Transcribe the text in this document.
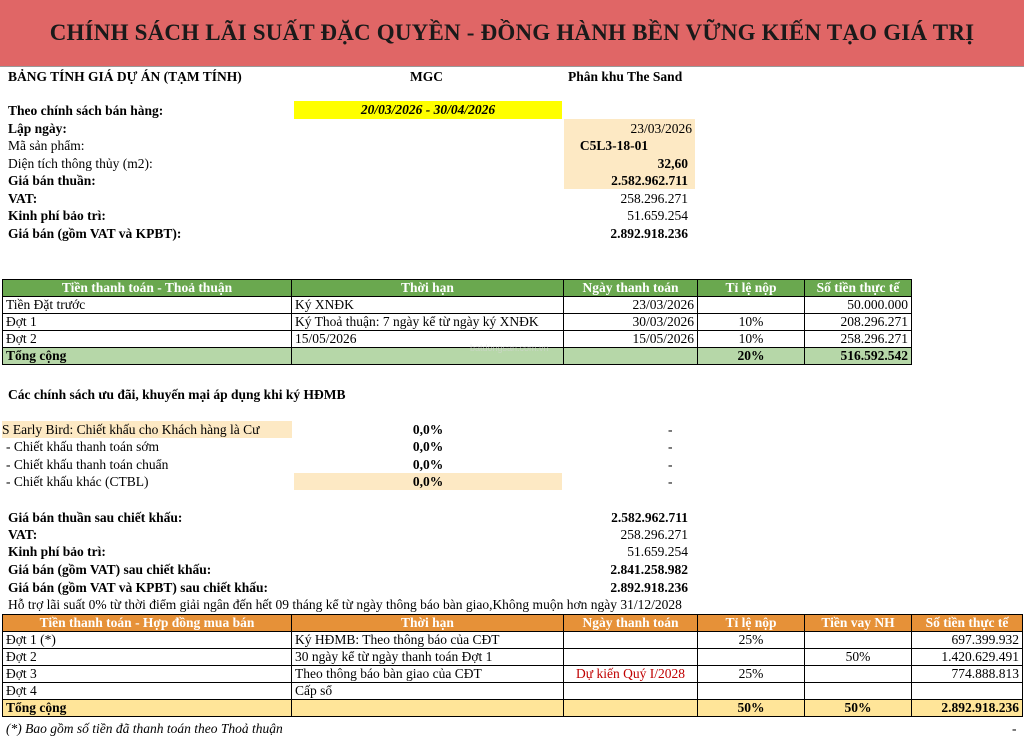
CHÍNH SÁCH LÃI SUẤT ĐẶC QUYỀN - ĐỒNG HÀNH BỀN VỮNG KIẾN TẠO GIÁ TRỊ
BẢNG TÍNH GIÁ DỰ ÁN (TẠM TÍNH)	MGC	Phân khu The Sand
Theo chính sách bán hàng:	20/03/2026 - 30/04/2026
Lập ngày:	23/03/2026
Mã sản phẩm:	C5L3-18-01
Diện tích thông thủy (m2):	32,60
Giá bán thuần:	2.582.962.711
VAT:	258.296.271
Kinh phí bảo trì:	51.659.254
Giá bán (gồm VAT và KPBT):	2.892.918.236
Tiền thanh toán - Thoả thuận	Thời hạn	Ngày thanh toán	Tỉ lệ nộp	Số tiền thực tế
Tiền Đặt trước	Ký XNĐK	23/03/2026		50.000.000
Đợt 1	Ký Thoả thuận: 7 ngày kể từ ngày ký XNĐK	30/03/2026	10%	208.296.271
Đợt 2	15/05/2026	15/05/2026	10%	258.296.271
Tổng cộng			20%	516.592.542
batdongsan.com.vn
Các chính sách ưu đãi, khuyến mại áp dụng khi ký HĐMB
S Early Bird: Chiết khấu cho Khách hàng là Cư	0,0%	-
- Chiết khấu thanh toán sớm	0,0%	-
- Chiết khấu thanh toán chuẩn	0,0%	-
- Chiết khấu khác (CTBL)	0,0%	-
Giá bán thuần sau chiết khấu:	2.582.962.711
VAT:	258.296.271
Kinh phí bảo trì:	51.659.254
Giá bán (gồm VAT) sau chiết khấu:	2.841.258.982
Giá bán (gồm VAT và KPBT) sau chiết khấu:	2.892.918.236
Hỗ trợ lãi suất 0% từ thời điểm giải ngân đến hết 09 tháng kể từ ngày thông báo bàn giao,Không muộn hơn ngày 31/12/2028
Tiền thanh toán - Hợp đồng mua bán	Thời hạn	Ngày thanh toán	Tỉ lệ nộp	Tiền vay NH	Số tiền thực tế
Đợt 1 (*)	Ký HĐMB: Theo thông báo của CĐT		25%		697.399.932
Đợt 2	30 ngày kể từ ngày thanh toán Đợt 1			50%	1.420.629.491
Đợt 3	Theo thông báo bàn giao của CĐT	Dự kiến Quý I/2028	25%		774.888.813
Đợt 4	Cấp sổ				
Tổng cộng			50%	50%	2.892.918.236
(*) Bao gồm số tiền đã thanh toán theo Thoả thuận	-
